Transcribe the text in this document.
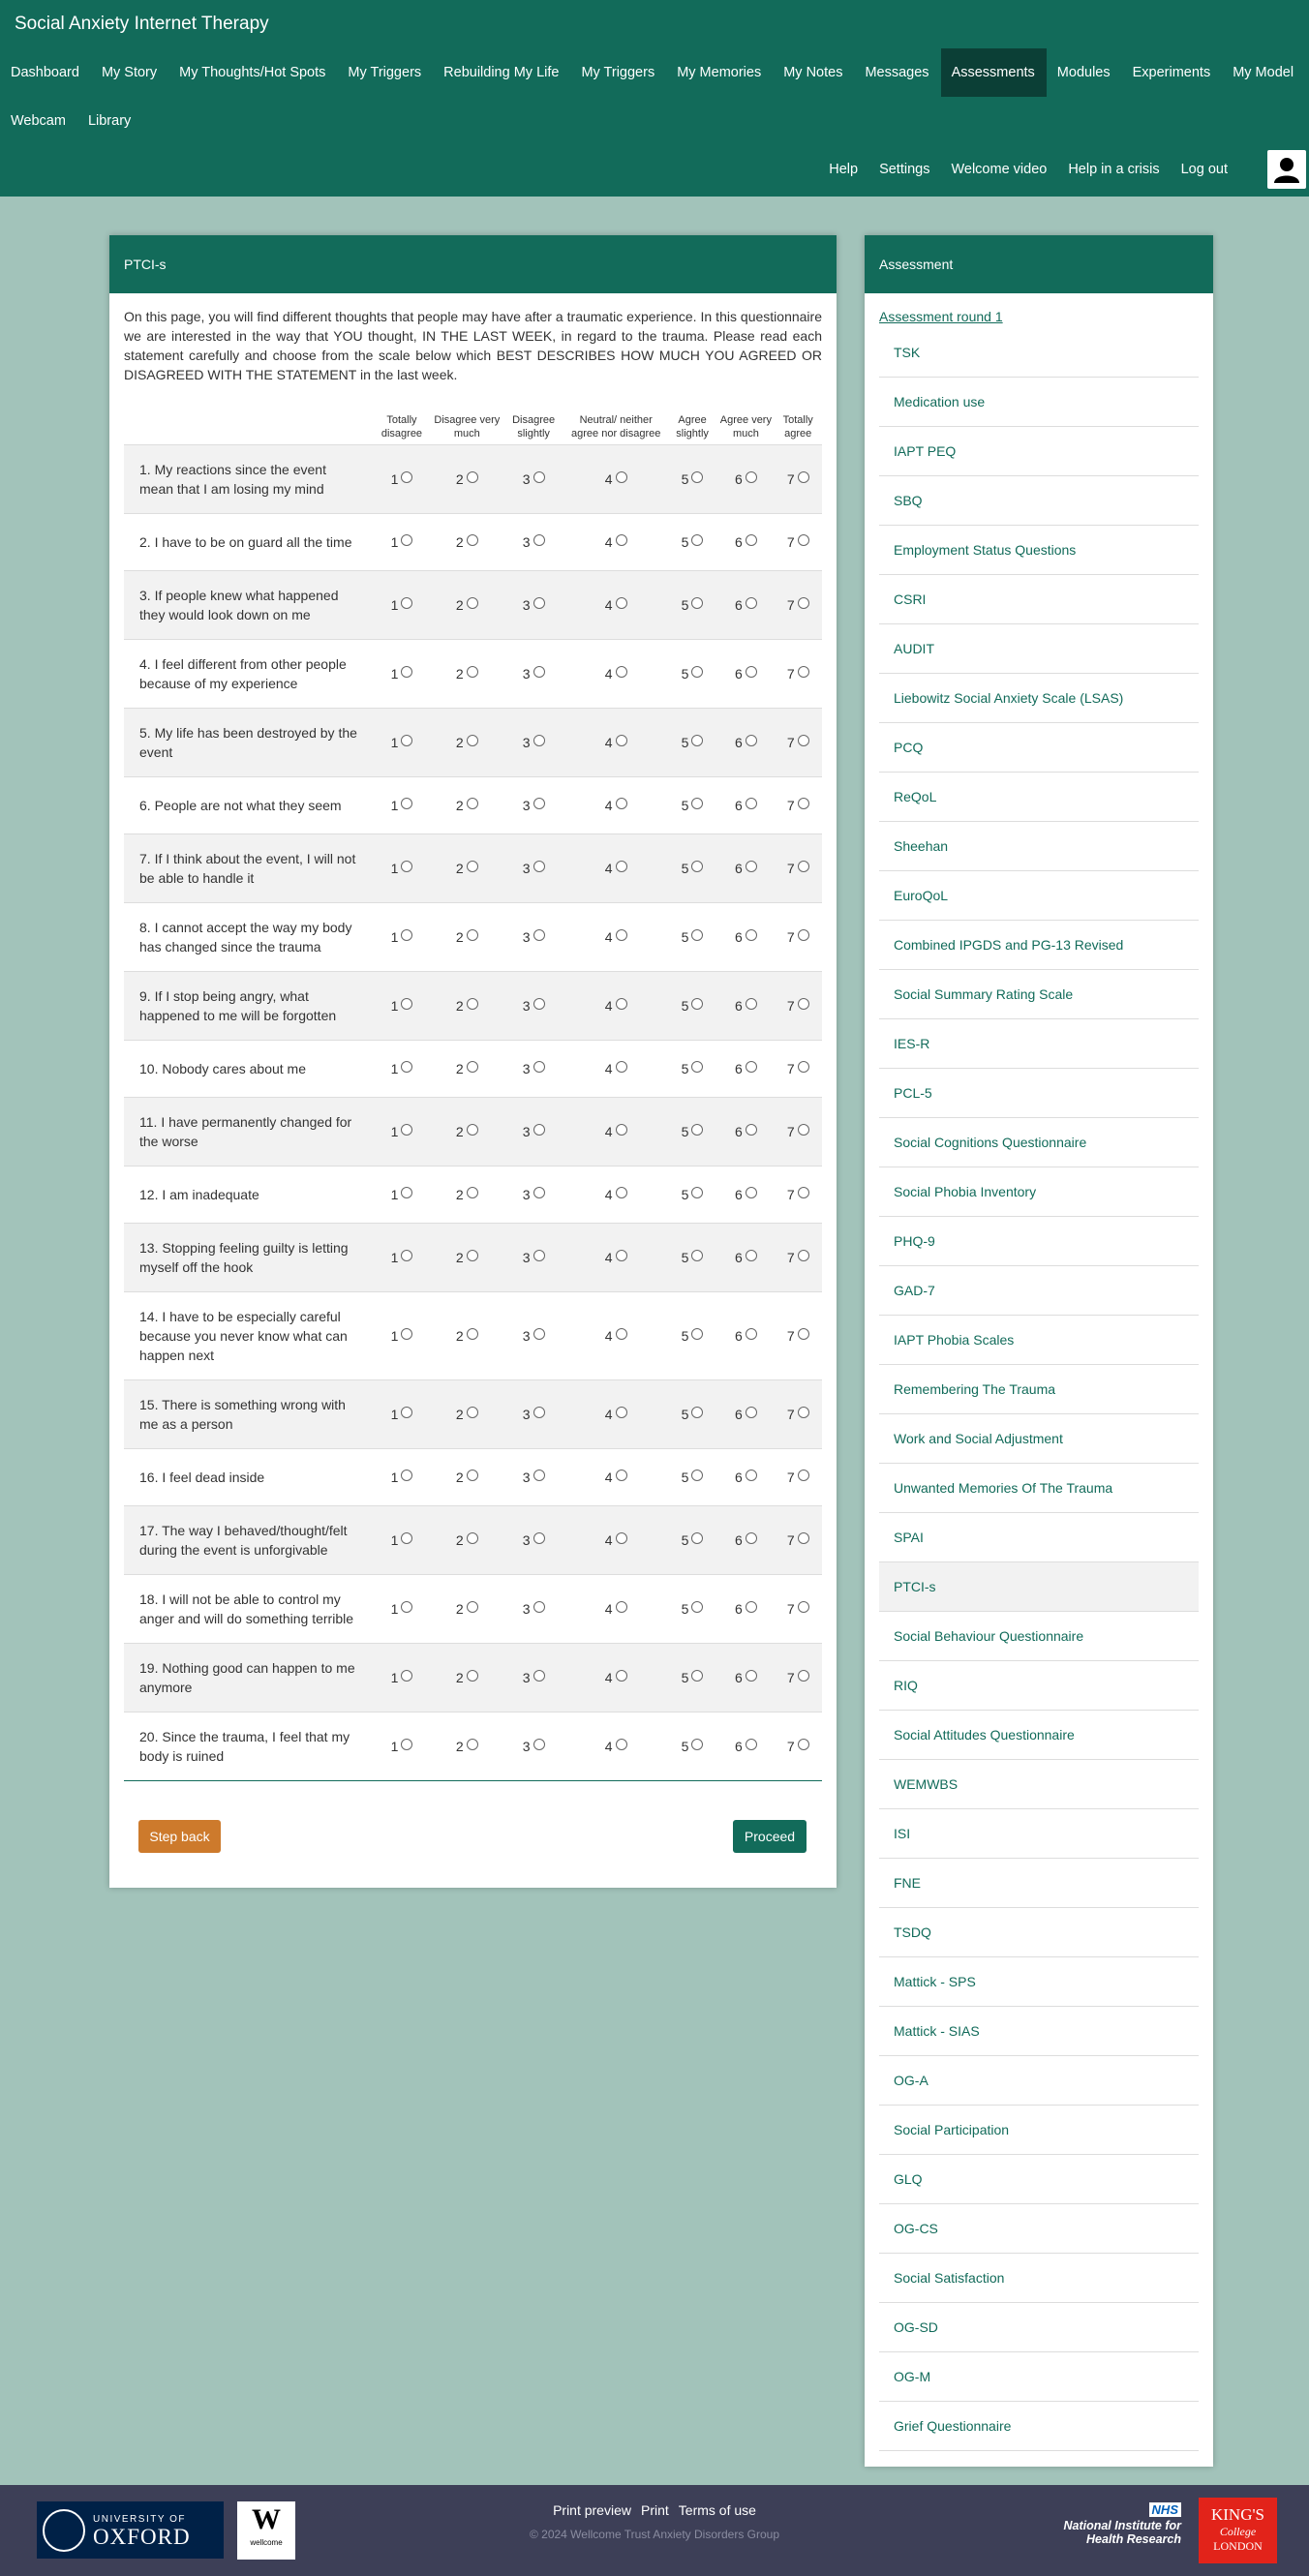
Social Anxiety Internet Therapy
Dashboard	My Story	My Thoughts/Hot Spots	My Triggers	Rebuilding My Life	My Triggers	My Memories	My Notes	Messages	Assessments	Modules	Experiments	My Model
Webcam	Library
Help	Settings	Welcome video	Help in a crisis	Log out
PTCI-s

On this page, you will find different thoughts that people may have after a traumatic experience. In this questionnaire we are interested in the way that YOU thought, IN THE LAST WEEK, in regard to the trauma. Please read each statement carefully and choose from the scale below which BEST DESCRIBES HOW MUCH YOU AGREED OR DISAGREED WITH THE STATEMENT in the last week.

	Totally disagree	Disagree very much	Disagree slightly	Neutral/ neither agree nor disagree	Agree slightly	Agree very much	Totally agree
1. My reactions since the event mean that I am losing my mind	1	2	3	4	5	6	7
2. I have to be on guard all the time	1	2	3	4	5	6	7
3. If people knew what happened they would look down on me	1	2	3	4	5	6	7
4. I feel different from other people because of my experience	1	2	3	4	5	6	7
5. My life has been destroyed by the event	1	2	3	4	5	6	7
6. People are not what they seem	1	2	3	4	5	6	7
7. If I think about the event, I will not be able to handle it	1	2	3	4	5	6	7
8. I cannot accept the way my body has changed since the trauma	1	2	3	4	5	6	7
9. If I stop being angry, what happened to me will be forgotten	1	2	3	4	5	6	7
10. Nobody cares about me	1	2	3	4	5	6	7
11. I have permanently changed for the worse	1	2	3	4	5	6	7
12. I am inadequate	1	2	3	4	5	6	7
13. Stopping feeling guilty is letting myself off the hook	1	2	3	4	5	6	7
14. I have to be especially careful because you never know what can happen next	1	2	3	4	5	6	7
15. There is something wrong with me as a person	1	2	3	4	5	6	7
16. I feel dead inside	1	2	3	4	5	6	7
17. The way I behaved/thought/felt during the event is unforgivable	1	2	3	4	5	6	7
18. I will not be able to control my anger and will do something terrible	1	2	3	4	5	6	7
19. Nothing good can happen to me anymore	1	2	3	4	5	6	7
20. Since the trauma, I feel that my body is ruined	1	2	3	4	5	6	7
Step back	Proceed
Assessment
Assessment round 1
TSK
Medication use
IAPT PEQ
SBQ
Employment Status Questions
CSRI
AUDIT
Liebowitz Social Anxiety Scale (LSAS)
PCQ
ReQoL
Sheehan
EuroQoL
Combined IPGDS and PG-13 Revised
Social Summary Rating Scale
IES-R
PCL-5
Social Cognitions Questionnaire
Social Phobia Inventory
PHQ-9
GAD-7
IAPT Phobia Scales
Remembering The Trauma
Work and Social Adjustment
Unwanted Memories Of The Trauma
SPAI
PTCI-s
Social Behaviour Questionnaire
RIQ
Social Attitudes Questionnaire
WEMWBS
ISI
FNE
TSDQ
Mattick - SPS
Mattick - SIAS
OG-A
Social Participation
GLQ
OG-CS
Social Satisfaction
OG-SD
OG-M
Grief Questionnaire
UNIVERSITY OF
OXFORD
W
wellcome
Print preview Print Terms of use
© 2024 Wellcome Trust Anxiety Disorders Group
NHS
National Institute for
Health Research
KING'S
College
LONDON
